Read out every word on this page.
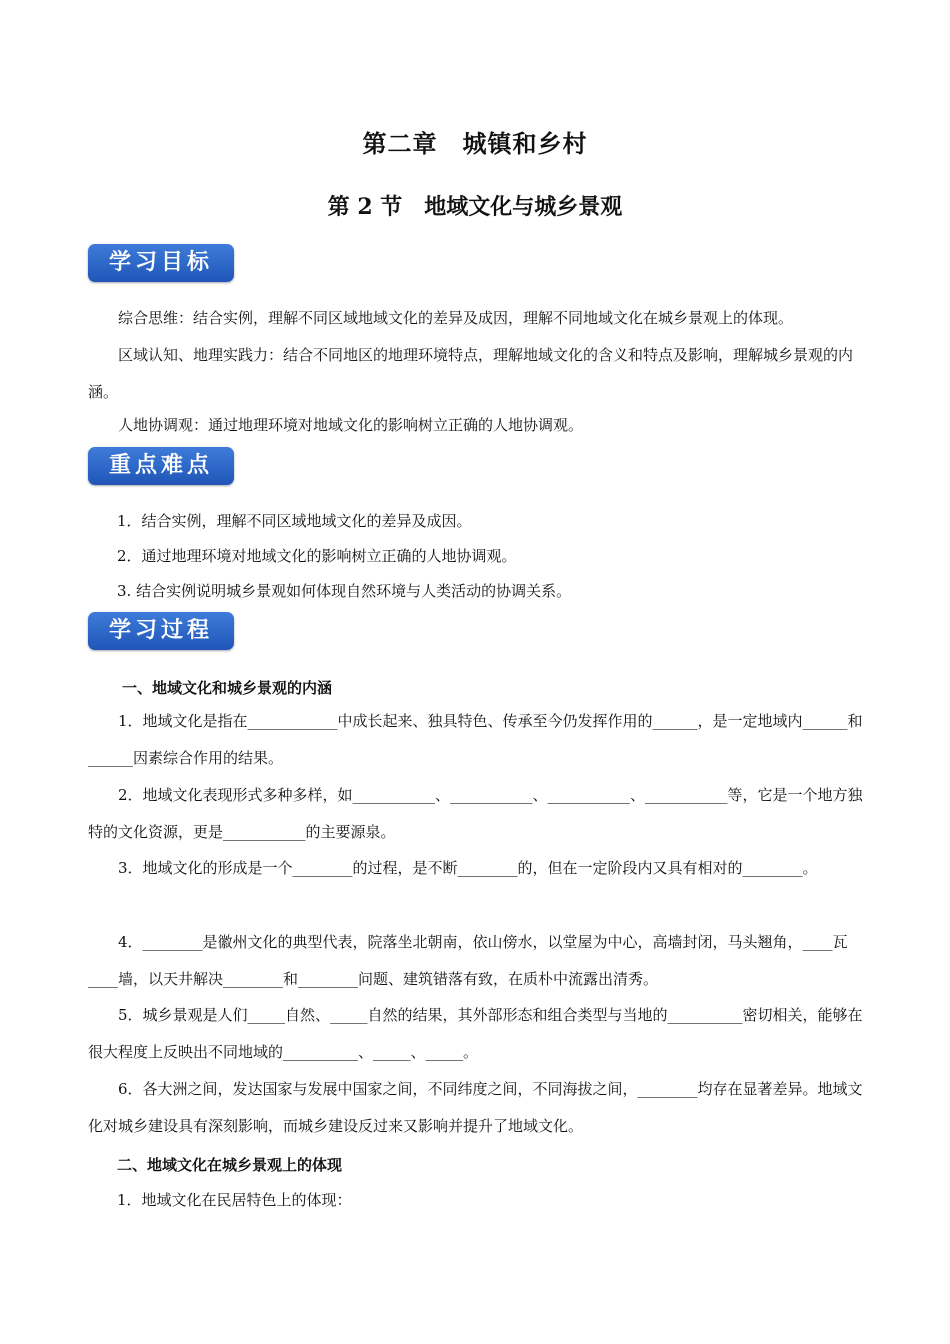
第二章　城镇和乡村
第 2 节　地域文化与城乡景观
学习目标
综合思维：结合实例，理解不同区域地域文化的差异及成因，理解不同地域文化在城乡景观上的体现。
区域认知、地理实践力：结合不同地区的地理环境特点，理解地域文化的含义和特点及影响，理解城乡景观的内涵。
人地协调观：通过地理环境对地域文化的影响树立正确的人地协调观。
重点难点
1．结合实例，理解不同区域地域文化的差异及成因。
2．通过地理环境对地域文化的影响树立正确的人地协调观。
3. 结合实例说明城乡景观如何体现自然环境与人类活动的协调关系。
学习过程
一、地域文化和城乡景观的内涵
1．地域文化是指在____________中成长起来、独具特色、传承至今仍发挥作用的______，是一定地域内______和______因素综合作用的结果。
2．地域文化表现形式多种多样，如___________、___________、___________、___________等，它是一个地方独特的文化资源，更是___________的主要源泉。
3．地域文化的形成是一个________的过程，是不断________的，但在一定阶段内又具有相对的________。
4．________是徽州文化的典型代表，院落坐北朝南，依山傍水，以堂屋为中心，高墙封闭，马头翘角，____瓦____墙，以天井解决________和________问题、建筑错落有致，在质朴中流露出清秀。
5．城乡景观是人们_____自然、_____自然的结果，其外部形态和组合类型与当地的__________密切相关，能够在很大程度上反映出不同地域的__________、_____、_____。
6．各大洲之间，发达国家与发展中国家之间，不同纬度之间，不同海拔之间，________均存在显著差异。地域文化对城乡建设具有深刻影响，而城乡建设反过来又影响并提升了地域文化。
二、地域文化在城乡景观上的体现
1．地域文化在民居特色上的体现：
